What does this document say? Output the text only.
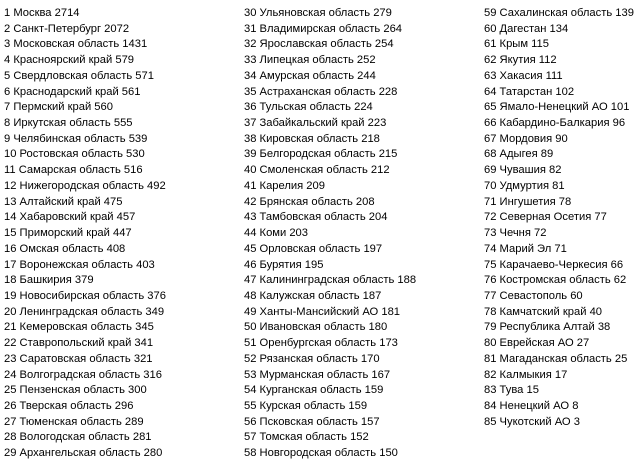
1 Москва 2714
2 Санкт-Петербург 2072
3 Московская область 1431
4 Красноярский край 579
5 Свердловская область 571
6 Краснодарский край 561
7 Пермский край 560
8 Иркутская область 555
9 Челябинская область 539
10 Ростовская область 530
11 Самарская область 516
12 Нижегородская область 492
13 Алтайский край 475
14 Хабаровский край 457
15 Приморский край 447
16 Омская область 408
17 Воронежская область 403
18 Башкирия 379
19 Новосибирская область 376
20 Ленинградская область 349
21 Кемеровская область 345
22 Ставропольский край 341
23 Саратовская область 321
24 Волгоградская область 316
25 Пензенская область 300
26 Тверская область 296
27 Тюменская область 289
28 Вологодская область 281
29 Архангельская область 280
30 Ульяновская область 279
31 Владимирская область 264
32 Ярославская область 254
33 Липецкая область 252
34 Амурская область 244
35 Астраханская область 228
36 Тульская область 224
37 Забайкальский край 223
38 Кировская область 218
39 Белгородская область 215
40 Смоленская область 212
41 Карелия 209
42 Брянская область 208
43 Тамбовская область 204
44 Коми 203
45 Орловская область 197
46 Бурятия 195
47 Калининградская область 188
48 Калужская область 187
49 Ханты-Мансийский АО 181
50 Ивановская область 180
51 Оренбургская область 173
52 Рязанская область 170
53 Мурманская область 167
54 Курганская область 159
55 Курская область 159
56 Псковская область 157
57 Томская область 152
58 Новгородская область 150
59 Сахалинская область 139
60 Дагестан 134
61 Крым 115
62 Якутия 112
63 Хакасия 111
64 Татарстан 102
65 Ямало-Ненецкий АО 101
66 Кабардино-Балкария 96
67 Мордовия 90
68 Адыгея 89
69 Чувашия 82
70 Удмуртия 81
71 Ингушетия 78
72 Северная Осетия 77
73 Чечня 72
74 Марий Эл 71
75 Карачаево-Черкесия 66
76 Костромская область 62
77 Севастополь 60
78 Камчатский край 40
79 Республика Алтай 38
80 Еврейская АО 27
81 Магаданская область 25
82 Калмыкия 17
83 Тува 15
84 Ненецкий АО 8
85 Чукотский АО 3
